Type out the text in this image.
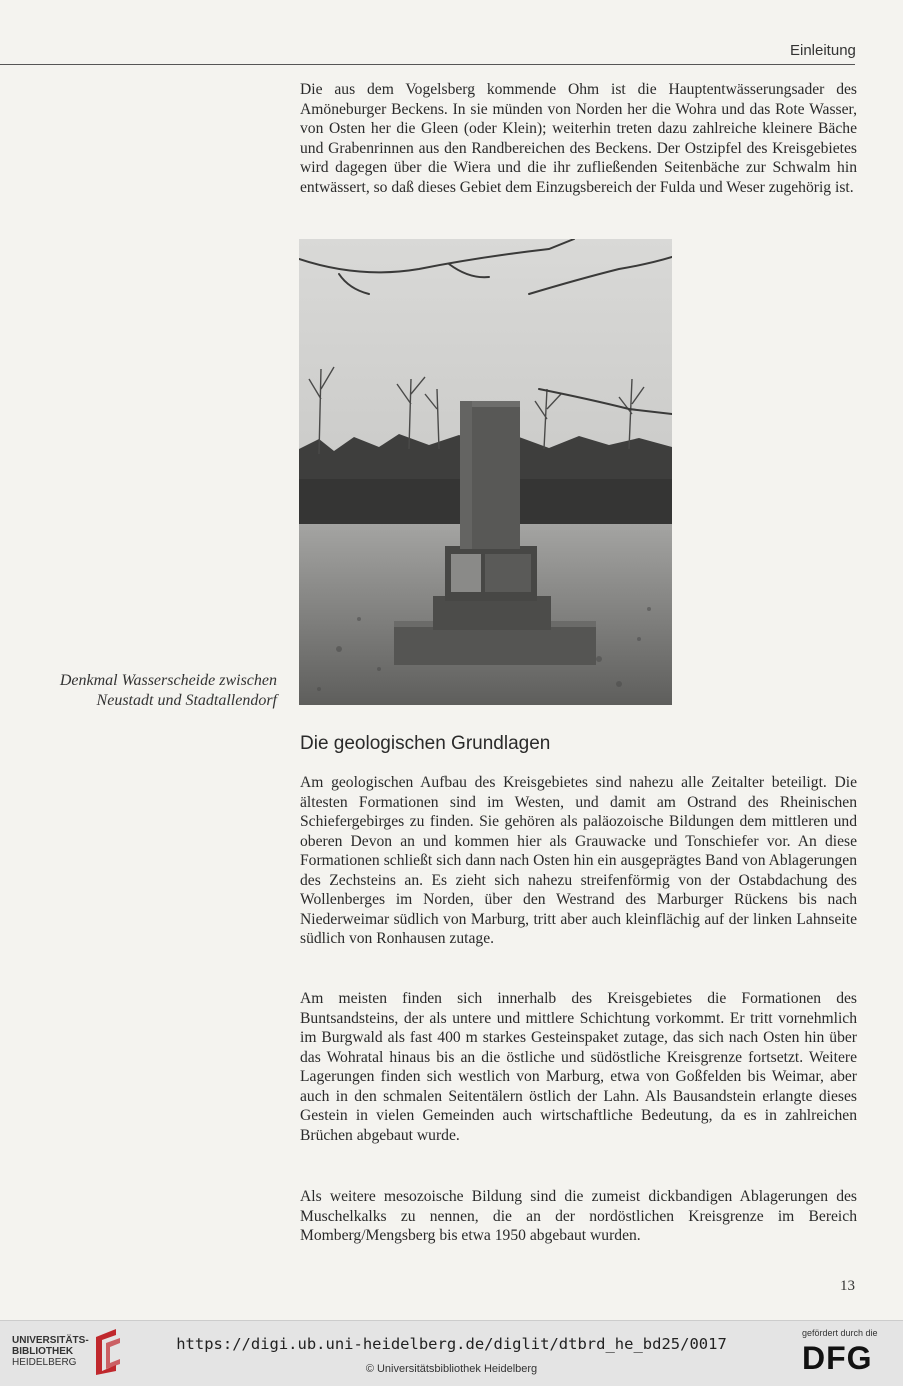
Einleitung

Die aus dem Vogelsberg kommende Ohm ist die Hauptentwässerungsader des Amöneburger Beckens. In sie münden von Norden her die Wohra und das Rote Wasser, von Osten her die Gleen (oder Klein); weiterhin treten dazu zahlreiche kleinere Bäche und Grabenrinnen aus den Randbereichen des Beckens. Der Ostzipfel des Kreisgebietes wird dagegen über die Wiera und die ihr zufließenden Seitenbäche zur Schwalm hin entwässert, so daß dieses Gebiet dem Einzugsbereich der Fulda und Weser zugehörig ist.

Denkmal Wasserscheide zwischen
Neustadt und Stadtallendorf
Die geologischen Grundlagen

Am geologischen Aufbau des Kreisgebietes sind nahezu alle Zeitalter beteiligt. Die ältesten Formationen sind im Westen, und damit am Ostrand des Rheinischen Schiefergebirges zu finden. Sie gehören als paläozoische Bildungen dem mittleren und oberen Devon an und kommen hier als Grauwacke und Tonschiefer vor. An diese Formationen schließt sich dann nach Osten hin ein ausgeprägtes Band von Ablagerungen des Zechsteins an. Es zieht sich nahezu streifenförmig von der Ostabdachung des Wollenberges im Norden, über den Westrand des Marburger Rückens bis nach Niederweimar südlich von Marburg, tritt aber auch kleinflächig auf der linken Lahnseite südlich von Ronhausen zutage.

Am meisten finden sich innerhalb des Kreisgebietes die Formationen des Buntsandsteins, der als untere und mittlere Schichtung vorkommt. Er tritt vornehmlich im Burgwald als fast 400 m starkes Gesteinspaket zutage, das sich nach Osten hin über das Wohratal hinaus bis an die östliche und südöstliche Kreisgrenze fortsetzt. Weitere Lagerungen finden sich westlich von Marburg, etwa von Goßfelden bis Weimar, aber auch in den schmalen Seitentälern östlich der Lahn. Als Bausandstein erlangte dieses Gestein in vielen Gemeinden auch wirtschaftliche Bedeutung, da es in zahlreichen Brüchen abgebaut wurde.

Als weitere mesozoische Bildung sind die zumeist dickbandigen Ablagerungen des Muschelkalks zu nennen, die an der nordöstlichen Kreisgrenze im Bereich Momberg/Mengsberg bis etwa 1950 abgebaut wurden.

13
UNIVERSITÄTS-
BIBLIOTHEK
HEIDELBERG
https://digi.ub.uni-heidelberg.de/diglit/dtbrd_he_bd25/0017
© Universitätsbibliothek Heidelberg
gefördert durch die
DFG
